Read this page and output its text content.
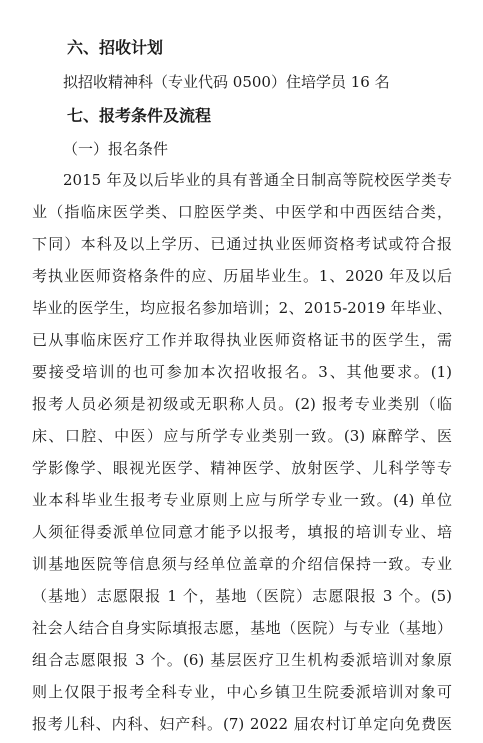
六、招收计划
拟招收精神科（专业代码 0500）住培学员 16 名
七、报考条件及流程
（一）报名条件
2015 年及以后毕业的具有普通全日制高等院校医学类专
业（指临床医学类、口腔医学类、中医学和中西医结合类，
下同）本科及以上学历、已通过执业医师资格考试或符合报
考执业医师资格条件的应、历届毕业生。1、2020 年及以后
毕业的医学生，均应报名参加培训；2、2015-2019 年毕业、
已从事临床医疗工作并取得执业医师资格证书的医学生，需
要接受培训的也可参加本次招收报名。3、其他要求。(1)
报考人员必须是初级或无职称人员。(2) 报考专业类别（临
床、口腔、中医）应与所学专业类别一致。(3) 麻醉学、医
学影像学、眼视光医学、精神医学、放射医学、儿科学等专
业本科毕业生报考专业原则上应与所学专业一致。(4) 单位
人须征得委派单位同意才能予以报考，填报的培训专业、培
训基地医院等信息须与经单位盖章的介绍信保持一致。专业
（基地）志愿限报 1 个，基地（医院）志愿限报 3 个。(5)
社会人结合自身实际填报志愿，基地（医院）与专业（基地）
组合志愿限报 3 个。(6) 基层医疗卫生机构委派培训对象原
则上仅限于报考全科专业，中心乡镇卫生院委派培训对象可
报考儿科、内科、妇产科。(7) 2022 届农村订单定向免费医
